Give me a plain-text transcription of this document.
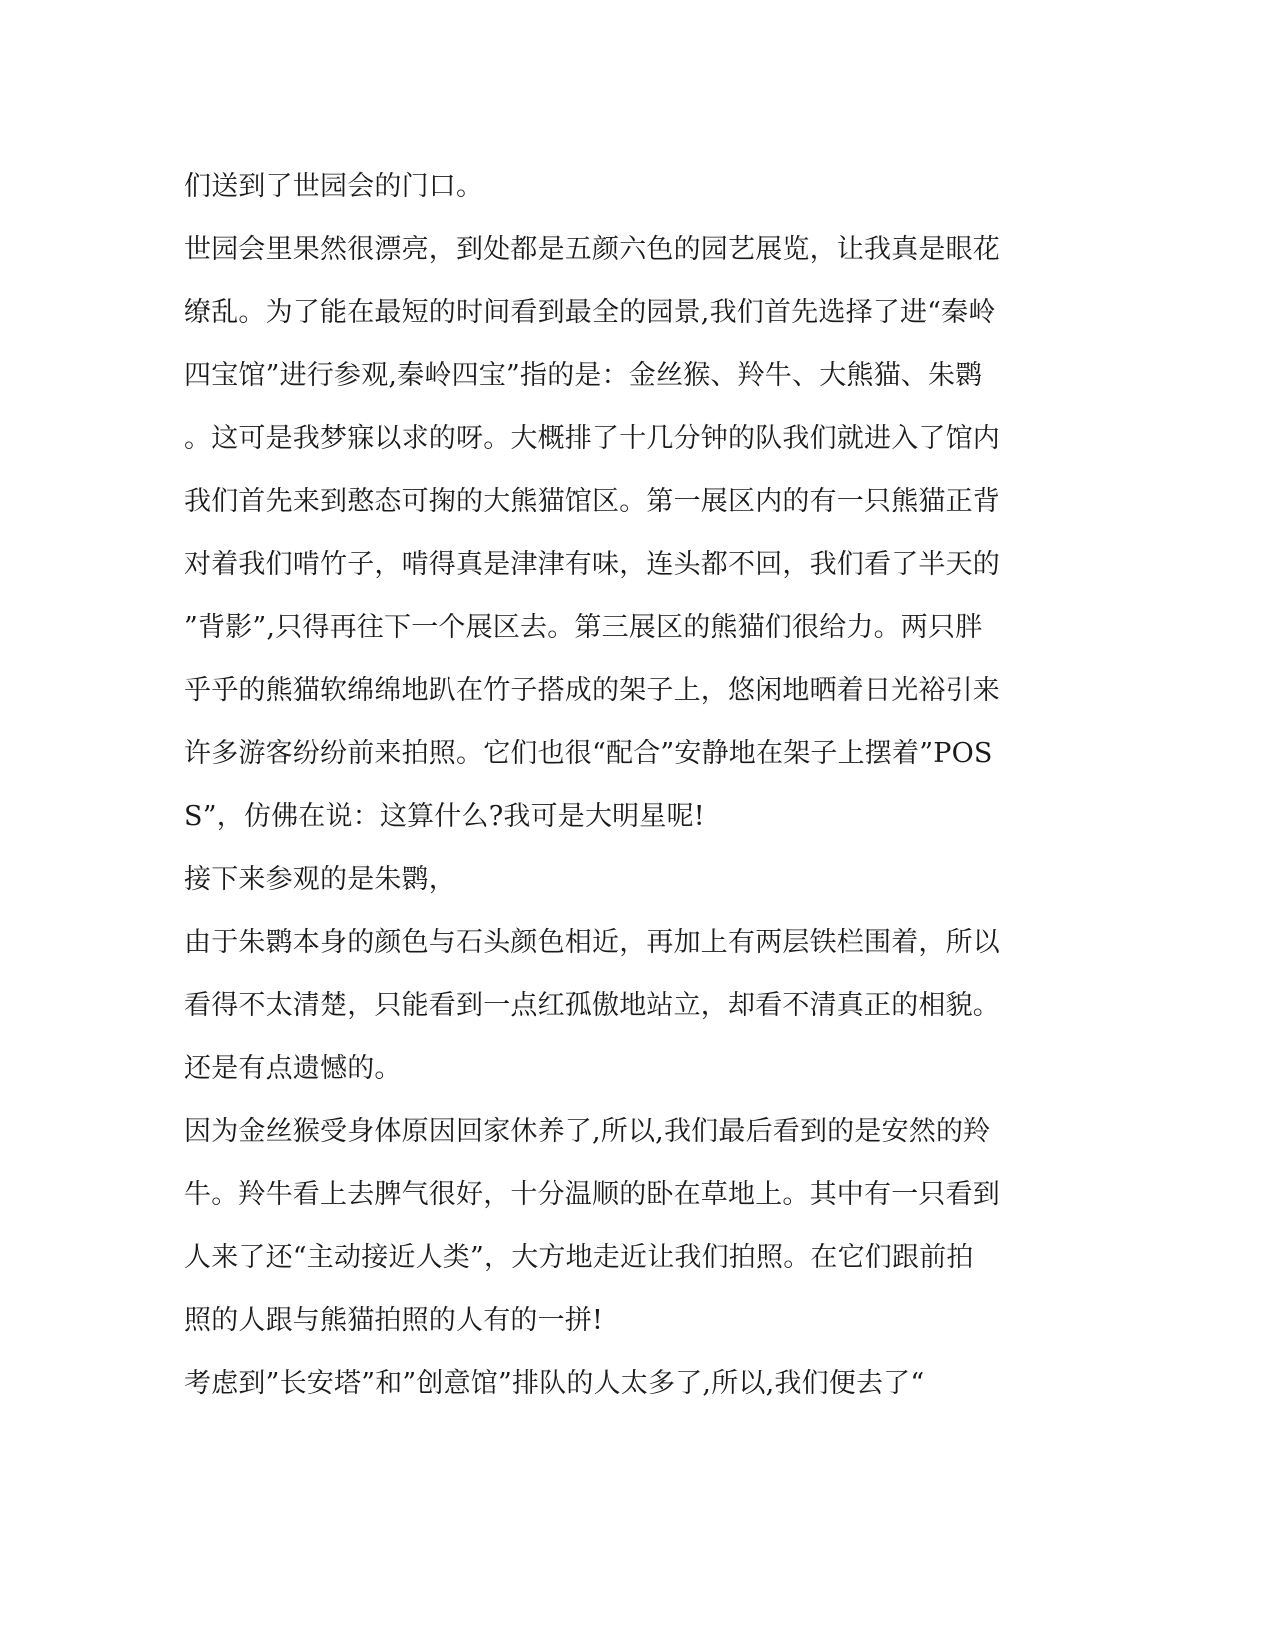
们送到了世园会的门口。
世园会里果然很漂亮，到处都是五颜六色的园艺展览，让我真是眼花
缭乱。为了能在最短的时间看到最全的园景,我们首先选择了进“秦岭
四宝馆”进行参观,秦岭四宝”指的是：金丝猴、羚牛、大熊猫、朱鹮
。这可是我梦寐以求的呀。大概排了十几分钟的队我们就进入了馆内
我们首先来到憨态可掬的大熊猫馆区。第一展区内的有一只熊猫正背
对着我们啃竹子，啃得真是津津有味，连头都不回，我们看了半天的
”背影”,只得再往下一个展区去。第三展区的熊猫们很给力。两只胖
乎乎的熊猫软绵绵地趴在竹子搭成的架子上，悠闲地晒着日光裕引来
许多游客纷纷前来拍照。它们也很“配合”安静地在架子上摆着”POS
S”，仿佛在说：这算什么?我可是大明星呢!
接下来参观的是朱鹮，
由于朱鹮本身的颜色与石头颜色相近，再加上有两层铁栏围着，所以
看得不太清楚，只能看到一点红孤傲地站立，却看不清真正的相貌。
还是有点遗憾的。
因为金丝猴受身体原因回家休养了,所以,我们最后看到的是安然的羚
牛。羚牛看上去脾气很好，十分温顺的卧在草地上。其中有一只看到
人来了还“主动接近人类”，大方地走近让我们拍照。在它们跟前拍
照的人跟与熊猫拍照的人有的一拼!
考虑到”长安塔”和”创意馆”排队的人太多了,所以,我们便去了“
